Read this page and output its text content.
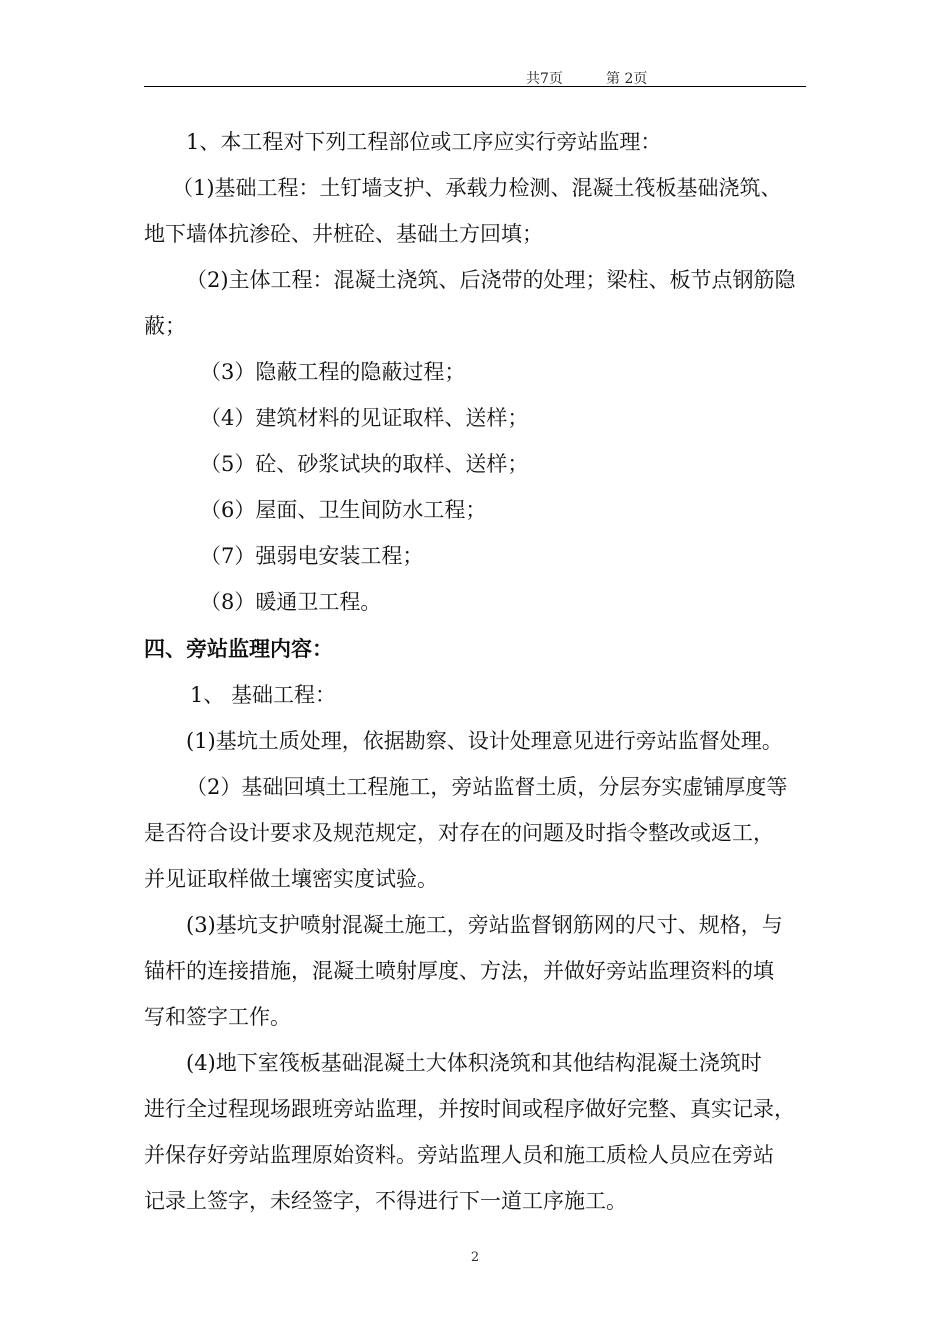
共7页	第 2页
1、本工程对下列工程部位或工序应实行旁站监理：
（1)基础工程：土钉墙支护、承载力检测、混凝土筏板基础浇筑、
地下墙体抗渗砼、井桩砼、基础土方回填；
（2)主体工程：混凝土浇筑、后浇带的处理；梁柱、板节点钢筋隐
蔽；
（3）隐蔽工程的隐蔽过程；
（4）建筑材料的见证取样、送样；
（5）砼、砂浆试块的取样、送样；
（6）屋面、卫生间防水工程；
（7）强弱电安装工程；
（8）暖通卫工程。
四、旁站监理内容：
1、 基础工程：
(1)基坑土质处理，依据勘察、设计处理意见进行旁站监督处理。
（2）基础回填土工程施工，旁站监督土质，分层夯实虚铺厚度等
是否符合设计要求及规范规定，对存在的问题及时指令整改或返工，
并见证取样做土壤密实度试验。
(3)基坑支护喷射混凝土施工，旁站监督钢筋网的尺寸、规格，与
锚杆的连接措施，混凝土喷射厚度、方法，并做好旁站监理资料的填
写和签字工作。
(4)地下室筏板基础混凝土大体积浇筑和其他结构混凝土浇筑时
进行全过程现场跟班旁站监理，并按时间或程序做好完整、真实记录，
并保存好旁站监理原始资料。旁站监理人员和施工质检人员应在旁站
记录上签字，未经签字，不得进行下一道工序施工。
2
